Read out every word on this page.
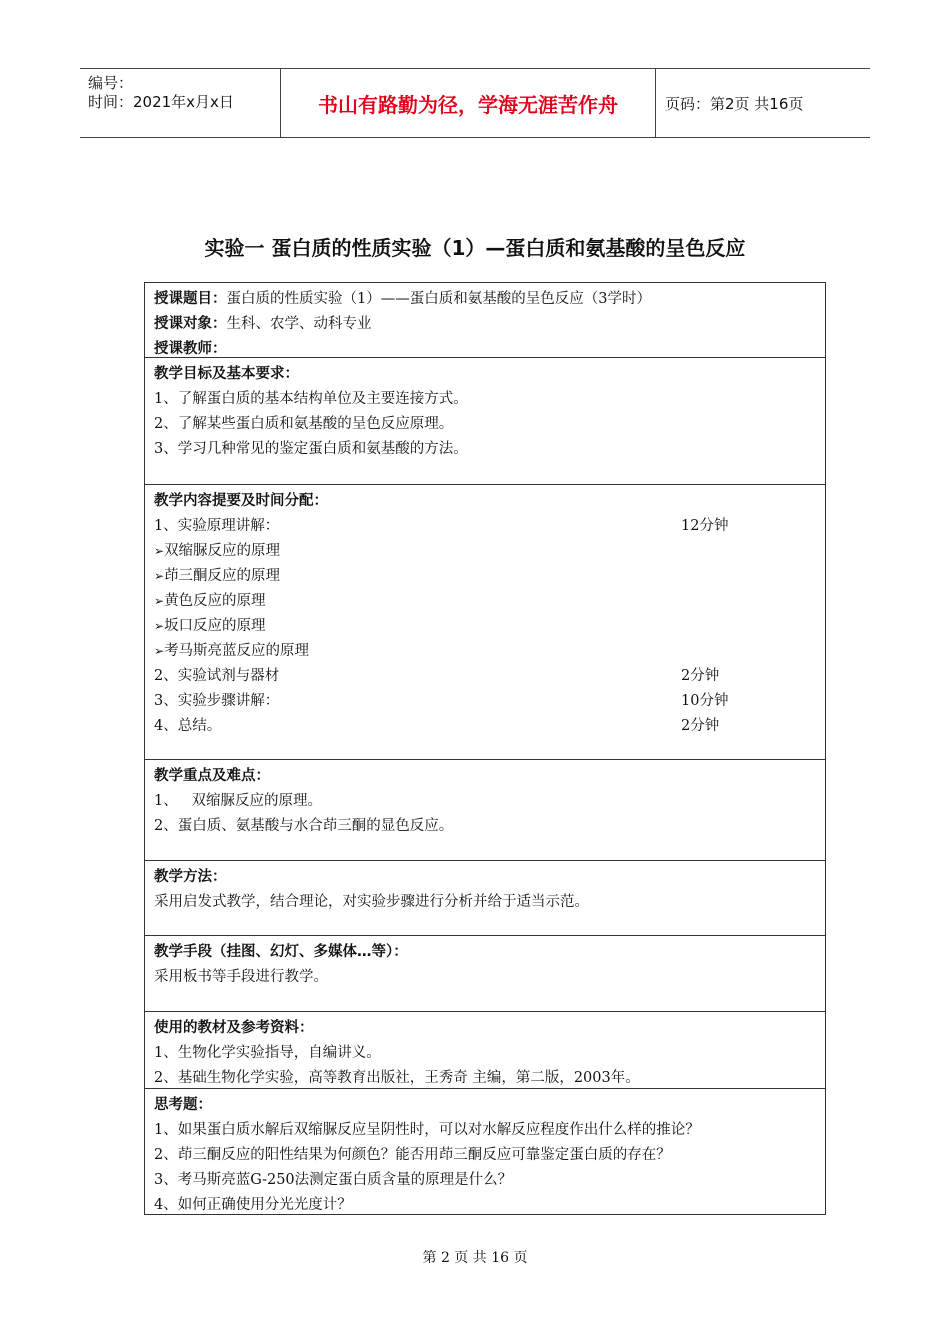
编号：
时间：2021年x月x日	书山有路勤为径，学海无涯苦作舟	页码：第2页 共16页
实验一 蛋白质的性质实验（1）—蛋白质和氨基酸的呈色反应
授课题目：蛋白质的性质实验（1）——蛋白质和氨基酸的呈色反应（3学时）
授课对象：生科、农学、动科专业
授课教师：
教学目标及基本要求：
1、了解蛋白质的基本结构单位及主要连接方式。
2、了解某些蛋白质和氨基酸的呈色反应原理。
3、学习几种常见的鉴定蛋白质和氨基酸的方法。
教学内容提要及时间分配：
1、实验原理讲解：	12分钟
➢双缩脲反应的原理
➢茚三酮反应的原理
➢黄色反应的原理
➢坂口反应的原理
➢考马斯亮蓝反应的原理
2、实验试剂与器材	2分钟
3、实验步骤讲解：	10分钟
4、总结。	2分钟
教学重点及难点：
1、   双缩脲反应的原理。
2、蛋白质、氨基酸与水合茚三酮的显色反应。
教学方法：
采用启发式教学，结合理论，对实验步骤进行分析并给于适当示范。
教学手段（挂图、幻灯、多媒体…等）：
采用板书等手段进行教学。
使用的教材及参考资料：
1、生物化学实验指导，自编讲义。
2、基础生物化学实验，高等教育出版社，王秀奇 主编，第二版，2003年。
思考题：
1、如果蛋白质水解后双缩脲反应呈阴性时，可以对水解反应程度作出什么样的推论？
2、茚三酮反应的阳性结果为何颜色？能否用茚三酮反应可靠鉴定蛋白质的存在？
3、考马斯亮蓝G-250法测定蛋白质含量的原理是什么？
4、如何正确使用分光光度计？
第 2 页 共 16 页
